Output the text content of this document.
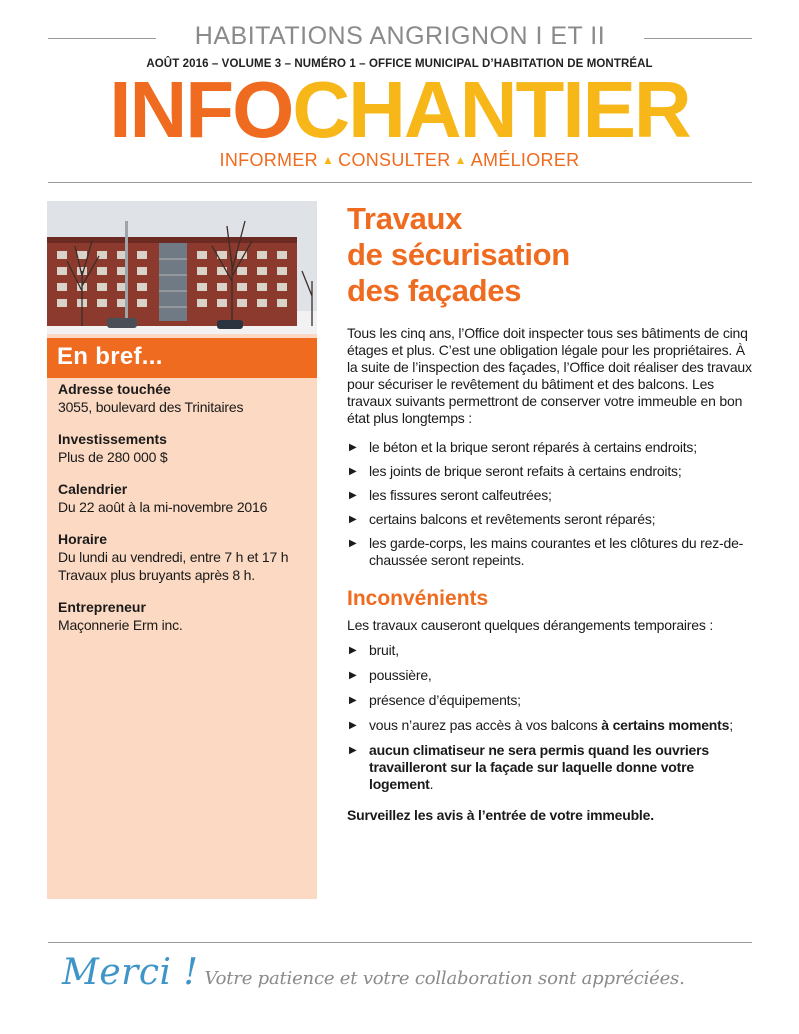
HABITATIONS ANGRIGNON I ET II
AOÛT 2016 – VOLUME 3 – NUMÉRO 1 – OFFICE MUNICIPAL D’HABITATION DE MONTRÉAL
INFOCHANTIER
INFORMER ▲ CONSULTER ▲ AMÉLIORER
En bref...
Adresse touchée
3055, boulevard des Trinitaires
Investissements
Plus de 280 000 $
Calendrier
Du 22 août à la mi-novembre 2016
Horaire
Du lundi au vendredi, entre 7 h et 17 h
Travaux plus bruyants après 8 h.
Entrepreneur
Maçonnerie Erm inc.
Travaux
de sécurisation
des façades

Tous les cinq ans, l’Office doit inspecter tous ses bâtiments de cinq étages et plus. C’est une obligation légale pour les propriétaires. À la suite de l’inspection des façades, l’Office doit réaliser des travaux pour sécuriser le revêtement du bâtiment et des balcons. Les travaux suivants permettront de conserver votre immeuble en bon état plus longtemps :

▶ le béton et la brique seront réparés à certains endroits;
▶ les joints de brique seront refaits à certains endroits;
▶ les fissures seront calfeutrées;
▶ certains balcons et revêtements seront réparés;
▶ les garde-corps, les mains courantes et les clôtures du rez-de-chaussée seront repeints.
Inconvénients

Les travaux causeront quelques dérangements temporaires :

▶ bruit,
▶ poussière,
▶ présence d’équipements;
▶ vous n’aurez pas accès à vos balcons à certains moments;
▶ aucun climatiseur ne sera permis quand les ouvriers travailleront sur la façade sur laquelle donne votre logement.

Surveillez les avis à l’entrée de votre immeuble.

Merci ! Votre patience et votre collaboration sont appréciées.
